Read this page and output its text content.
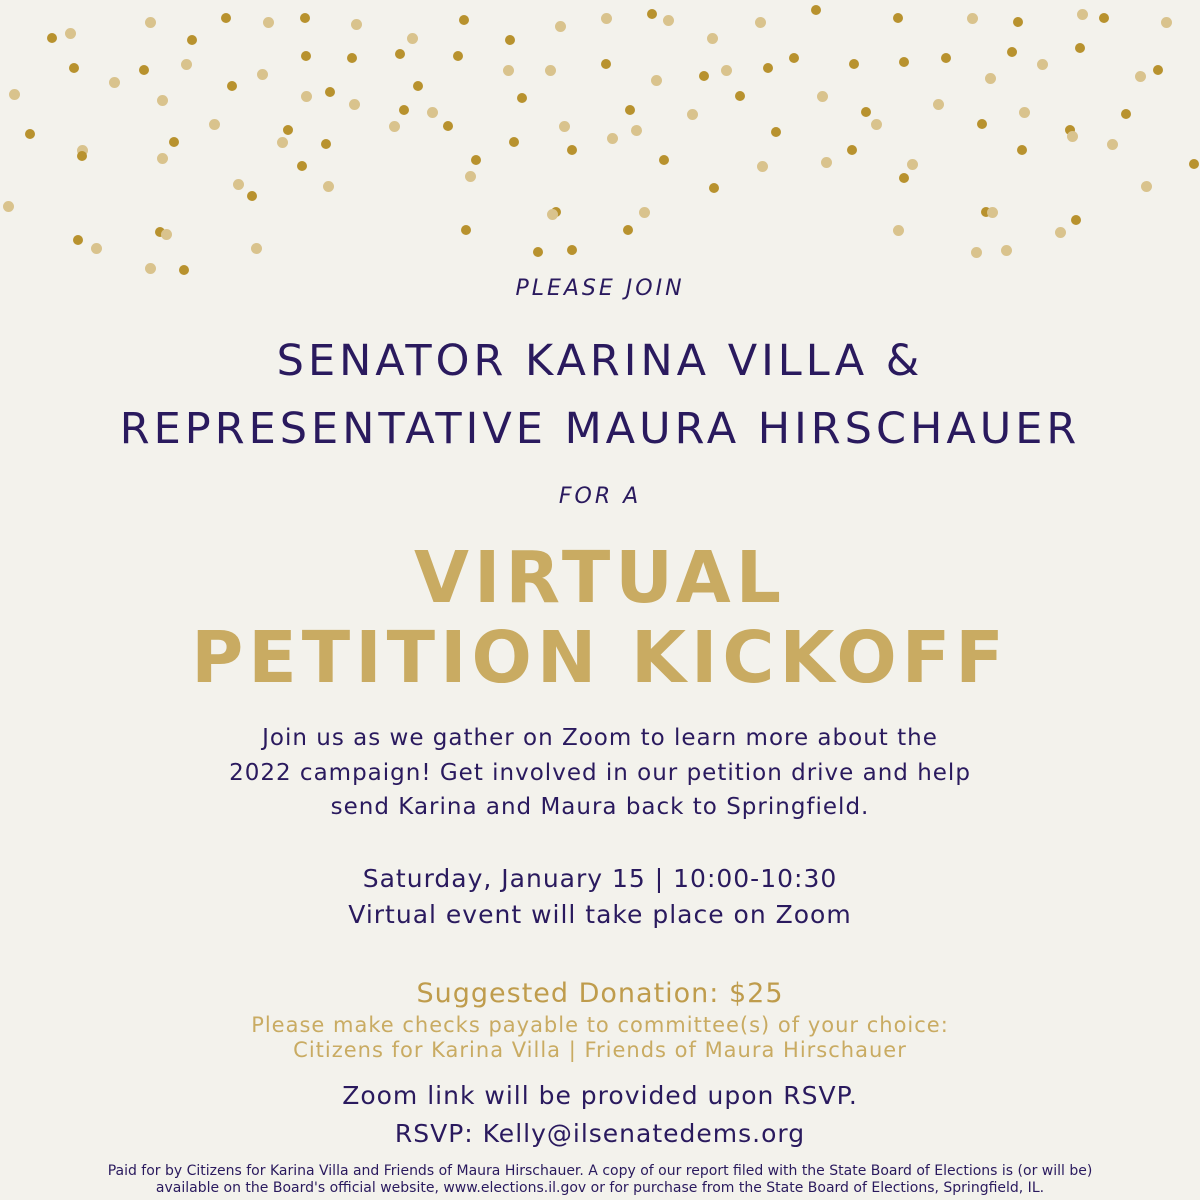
PLEASE JOIN
SENATOR KARINA VILLA &
REPRESENTATIVE MAURA HIRSCHAUER
FOR A
VIRTUAL
PETITION KICKOFF
Join us as we gather on Zoom to learn more about the
2022 campaign! Get involved in our petition drive and help
send Karina and Maura back to Springfield.
Saturday, January 15 | 10:00-10:30
Virtual event will take place on Zoom
Suggested Donation: $25
Please make checks payable to committee(s) of your choice:
Citizens for Karina Villa | Friends of Maura Hirschauer
Zoom link will be provided upon RSVP.
RSVP: Kelly@ilsenatedems.org
Paid for by Citizens for Karina Villa and Friends of Maura Hirschauer. A copy of our report filed with the State Board of Elections is (or will be)
available on the Board's official website, www.elections.il.gov or for purchase from the State Board of Elections, Springfield, IL.
